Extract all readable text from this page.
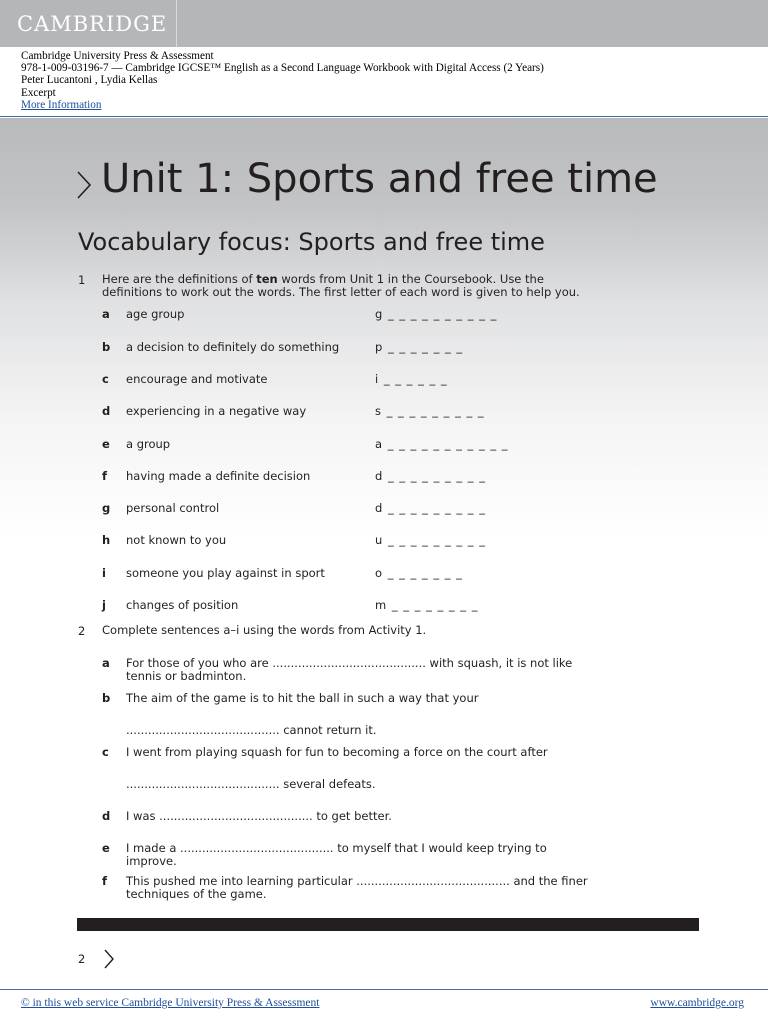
CAMBRIDGE
Cambridge University Press & Assessment
978-1-009-03196-7 — Cambridge IGCSE™ English as a Second Language Workbook with Digital Access (2 Years)
Peter Lucantoni , Lydia Kellas
Excerpt
More Information
Unit 1: Sports and free time
Vocabulary focus: Sports and free time
1 Here are the definitions of ten words from Unit 1 in the Coursebook. Use the definitions to work out the words. The first letter of each word is given to help you.
a age group	g _ _ _ _ _ _ _ _ _ _
b a decision to definitely do something	p _ _ _ _ _ _ _
c encourage and motivate	i _ _ _ _ _ _
d experiencing in a negative way	s _ _ _ _ _ _ _ _ _
e a group	a _ _ _ _ _ _ _ _ _ _ _
f having made a definite decision	d _ _ _ _ _ _ _ _ _
g personal control	d _ _ _ _ _ _ _ _ _
h not known to you	u _ _ _ _ _ _ _ _ _
i someone you play against in sport	o _ _ _ _ _ _ _
j changes of position	m _ _ _ _ _ _ _ _
2 Complete sentences a–i using the words from Activity 1.
a For those of you who are .......................................... with squash, it is not like tennis or badminton.
b The aim of the game is to hit the ball in such a way that your
.......................................... cannot return it.
c I went from playing squash for fun to becoming a force on the court after
.......................................... several defeats.
d I was .......................................... to get better.
e I made a .......................................... to myself that I would keep trying to improve.
f This pushed me into learning particular .......................................... and the finer techniques of the game.
2
© in this web service Cambridge University Press & Assessment	www.cambridge.org
